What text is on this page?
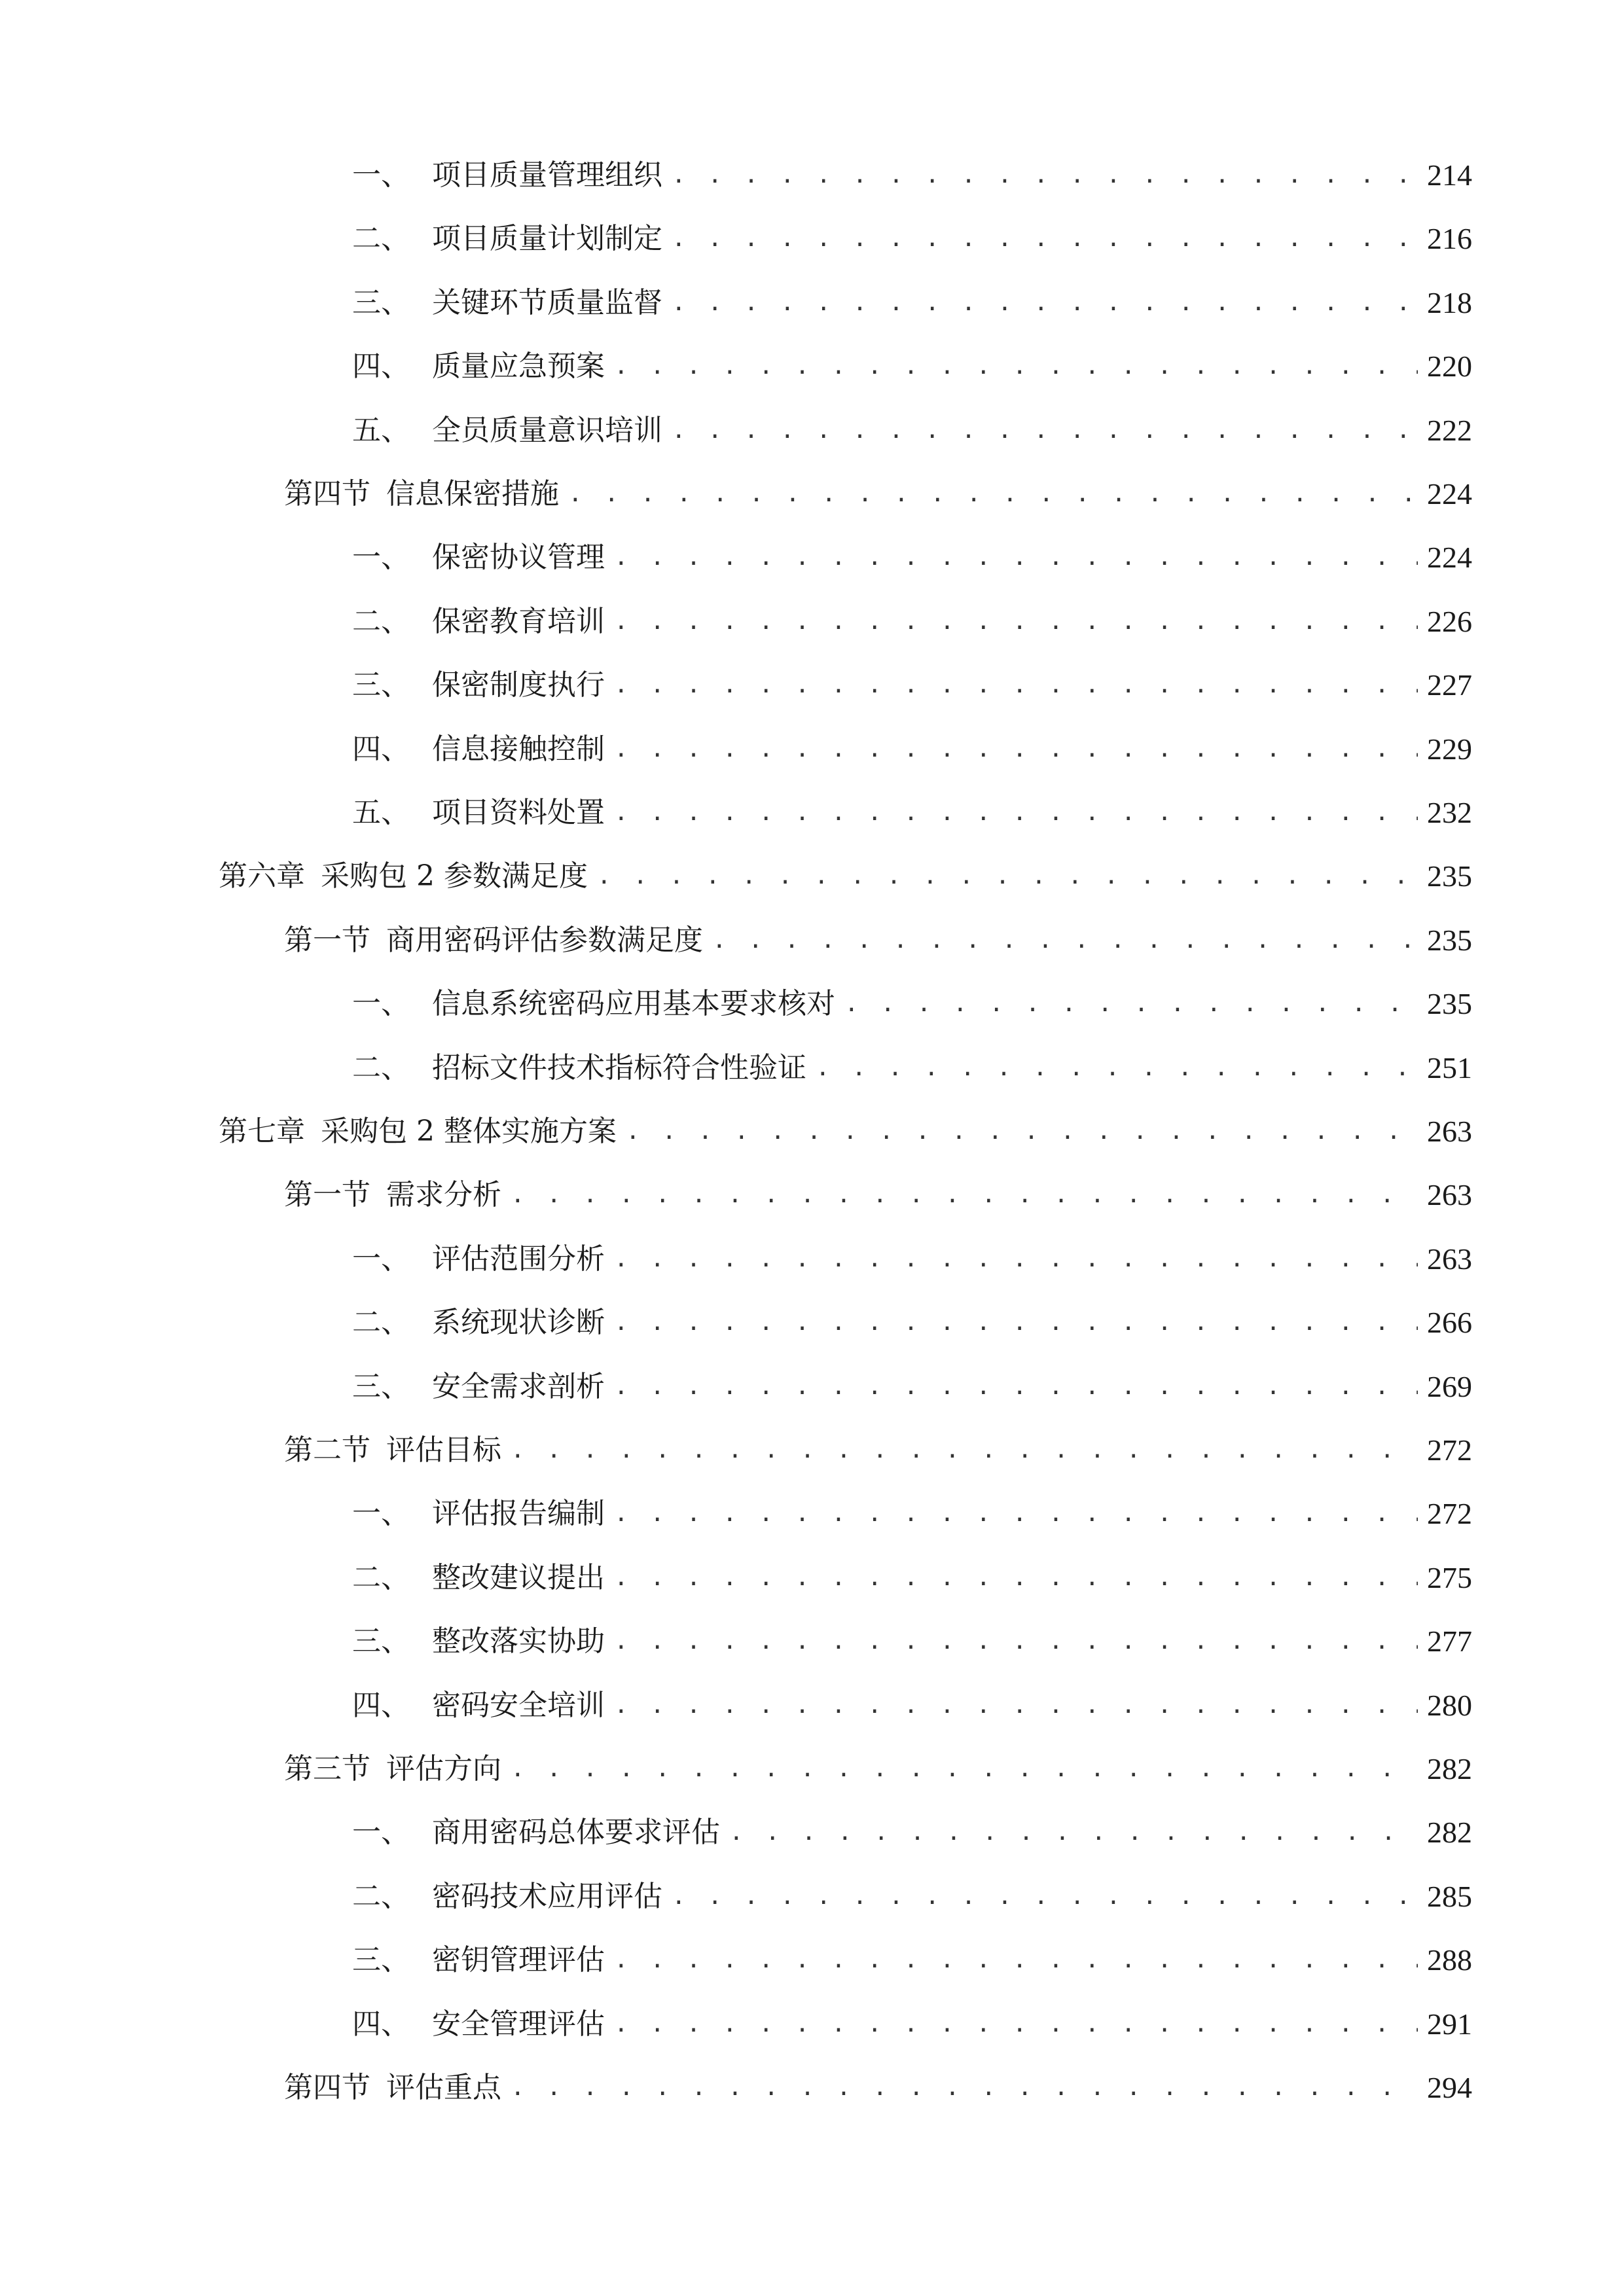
一、 项目质量管理组织 . . .	214
二、 项目质量计划制定 . . .	216
三、 关键环节质量监督 . . .	218
四、 质量应急预案 . . .	220
五、 全员质量意识培训 . . .	222
第四节 信息保密措施 . . .	224
一、 保密协议管理 . . .	224
二、 保密教育培训 . . .	226
三、 保密制度执行 . . .	227
四、 信息接触控制 . . .	229
五、 项目资料处置 . . .	232
第六章 采购包 2 参数满足度 . . .	235
第一节 商用密码评估参数满足度 . . .	235
一、 信息系统密码应用基本要求核对 . . .	235
二、 招标文件技术指标符合性验证 . . .	251
第七章 采购包 2 整体实施方案 . . .	263
第一节 需求分析 . . .	263
一、 评估范围分析 . . .	263
二、 系统现状诊断 . . .	266
三、 安全需求剖析 . . .	269
第二节 评估目标 . . .	272
一、 评估报告编制 . . .	272
二、 整改建议提出 . . .	275
三、 整改落实协助 . . .	277
四、 密码安全培训 . . .	280
第三节 评估方向 . . .	282
一、 商用密码总体要求评估 . . .	282
二、 密码技术应用评估 . . .	285
三、 密钥管理评估 . . .	288
四、 安全管理评估 . . .	291
第四节 评估重点 . . .	294
